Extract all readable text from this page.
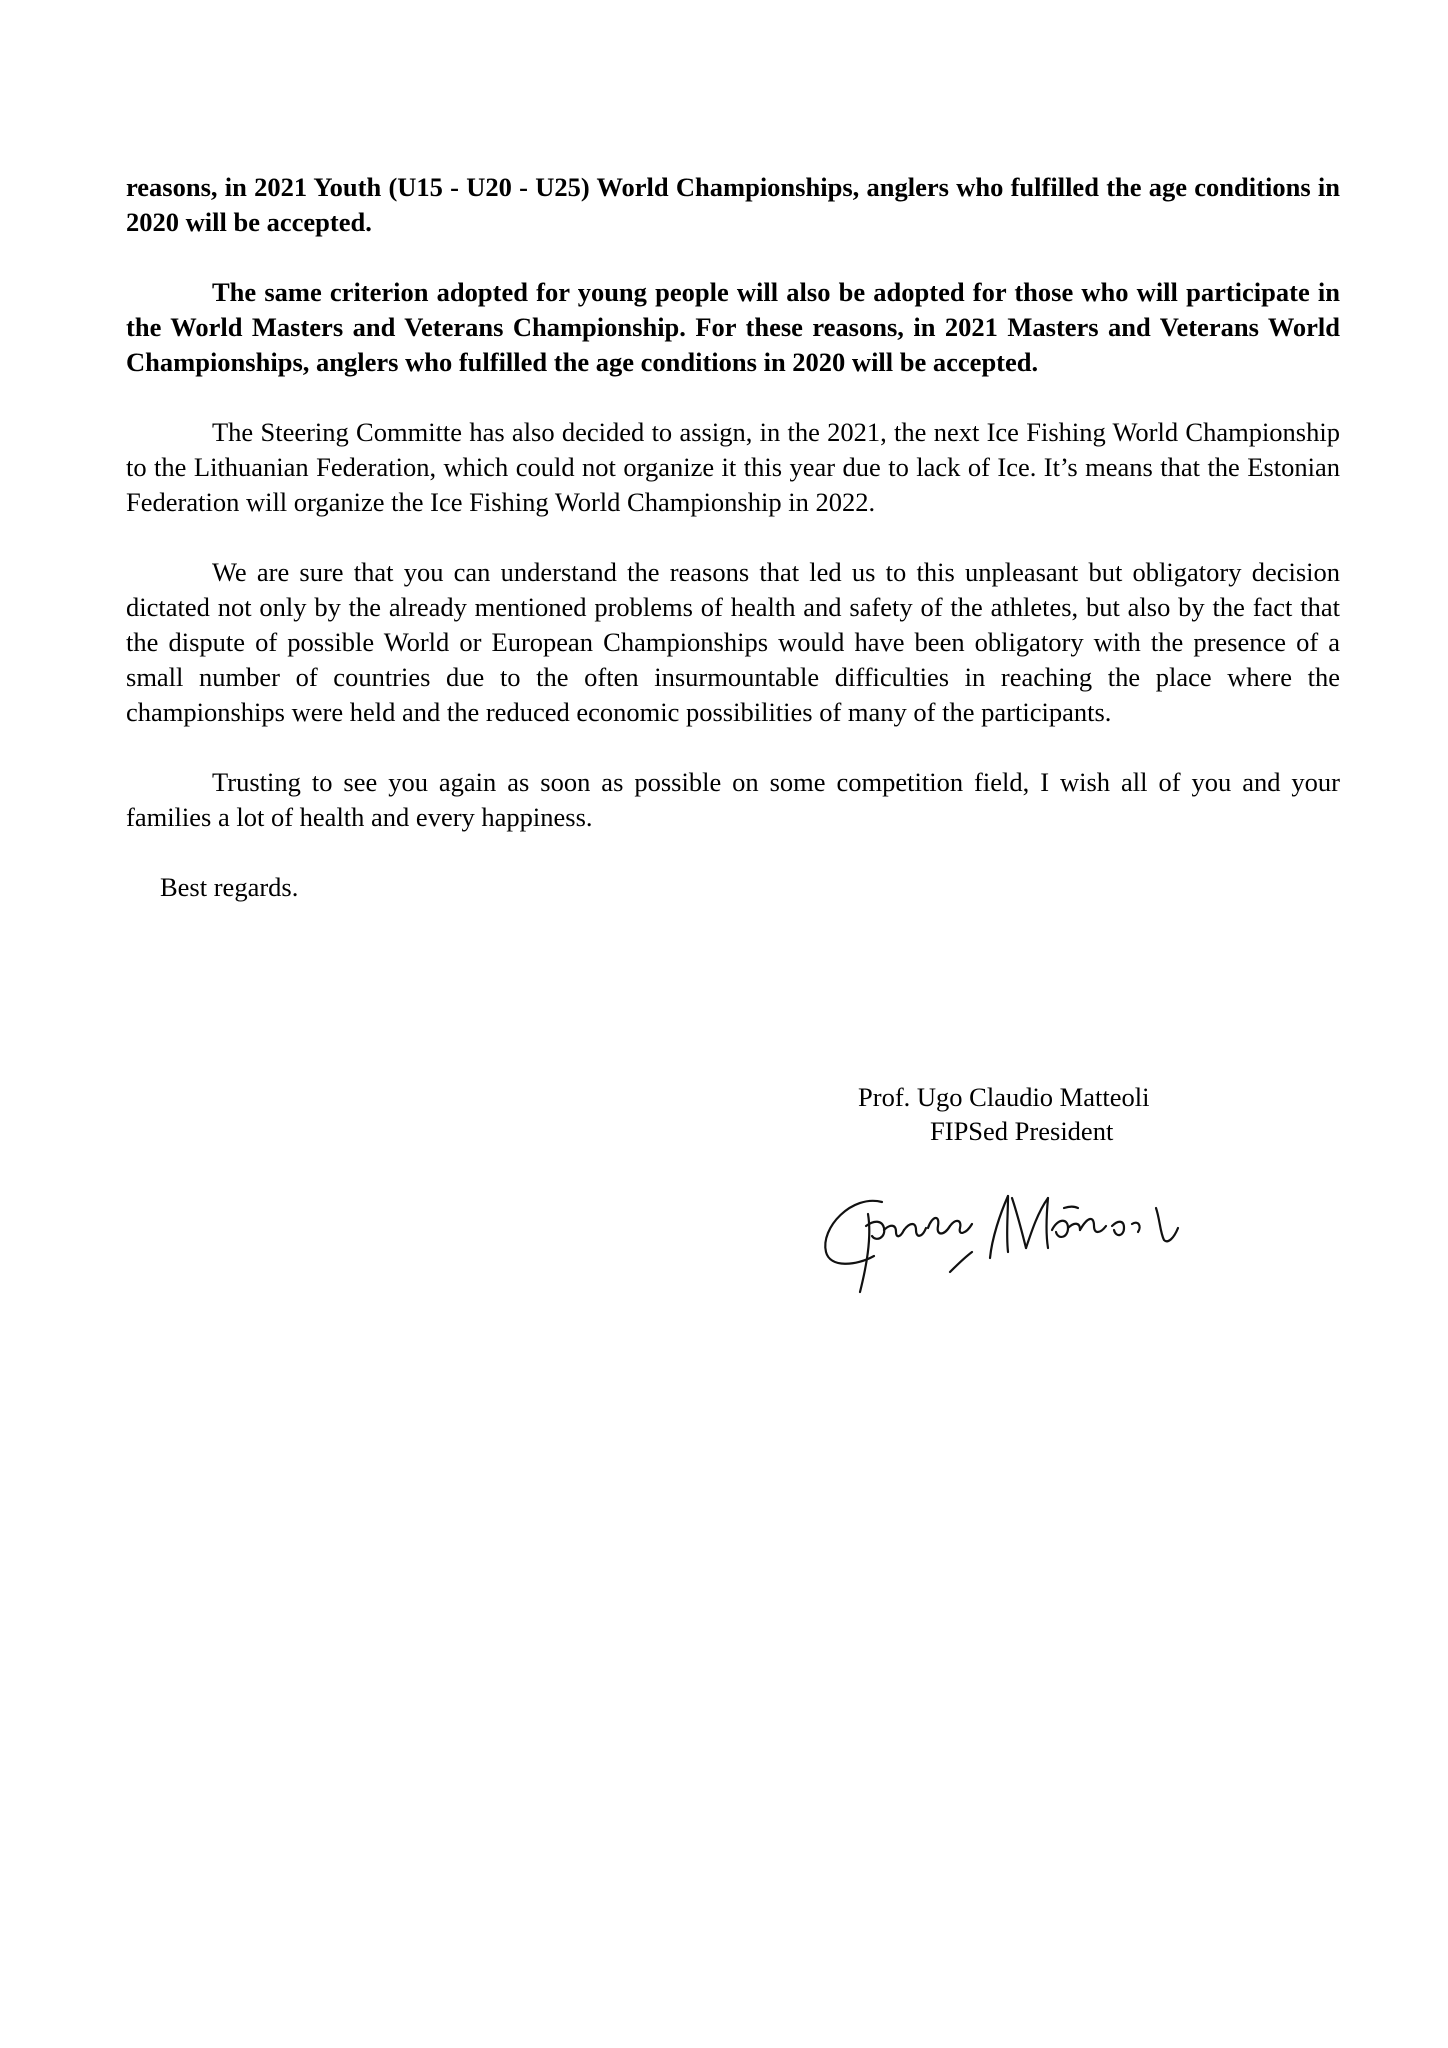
reasons, in 2021 Youth (U15 - U20 - U25) World Championships, anglers who fulfilled the age conditions in 2020 will be accepted.

The same criterion adopted for young people will also be adopted for those who will participate in the World Masters and Veterans Championship. For these reasons, in 2021 Masters and Veterans World Championships, anglers who fulfilled the age conditions in 2020 will be accepted.

The Steering Committe has also decided to assign, in the 2021, the next Ice Fishing World Championship to the Lithuanian Federation, which could not organize it this year due to lack of Ice. It’s means that the Estonian Federation will organize the Ice Fishing World Championship in 2022.

We are sure that you can understand the reasons that led us to this unpleasant but obligatory decision dictated not only by the already mentioned problems of health and safety of the athletes, but also by the fact that the dispute of possible World or European Championships would have been obligatory with the presence of a small number of countries due to the often insurmountable difficulties in reaching the place where the championships were held and the reduced economic possibilities of many of the participants.

Trusting to see you again as soon as possible on some competition field, I wish all of you and your families a lot of health and every happiness.

Best regards.
Prof. Ugo Claudio Matteoli
FIPSed President
